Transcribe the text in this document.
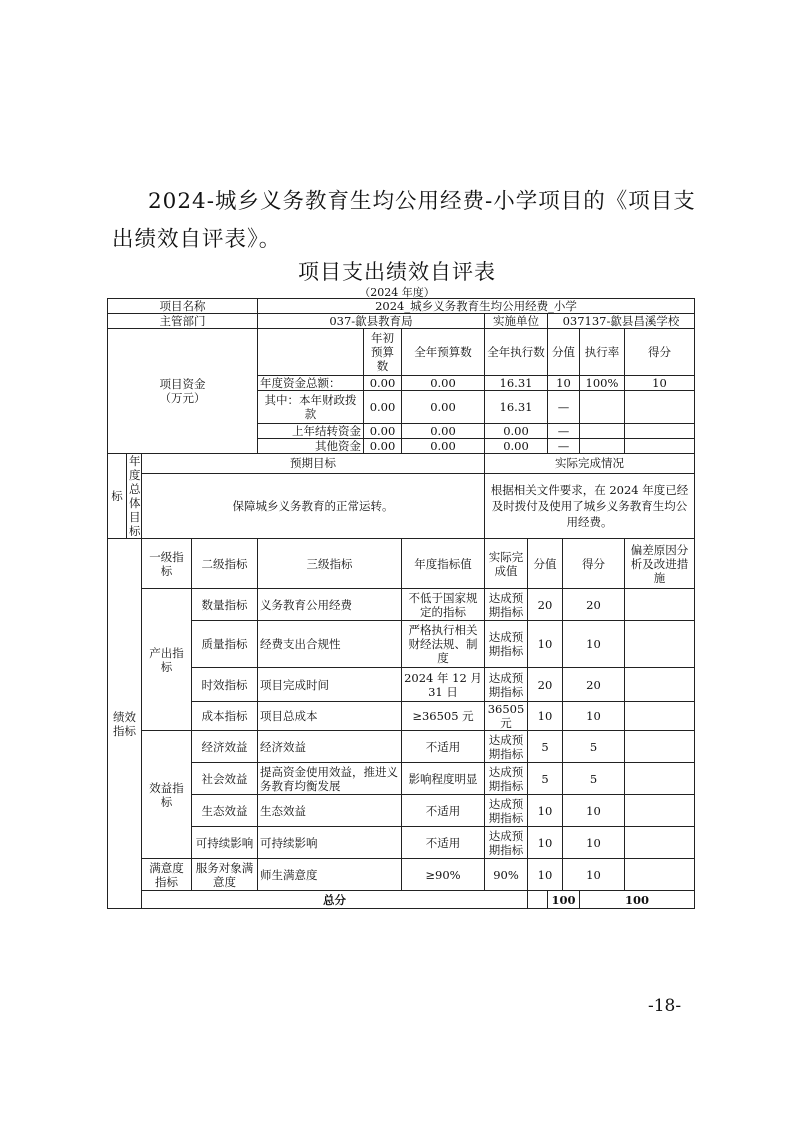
2024-城乡义务教育生均公用经费-小学项目的《项目支出绩效自评表》。
项目支出绩效自评表
（2024 年度）
项目名称				2024_城乡义务教育生均公用经费_小学									
主管部门				037-歙县教育局			实施单位		037137-歙县昌溪学校				

项目资金
（万元）					年初预算数	全年预算数	全年执行数		分值		执行率	得分	
				年度资金总额：	0.00	0.00	16.31		10		100%	10	
				其中：本年财政拨款	0.00	0.00	16.31		—				
				上年结转资金	0.00	0.00	0.00		—				
				其他资金	0.00	0.00	0.00		—				
标	年度总体目标	预期目标					实际完成情况						
		保障城乡义务教育的正常运转。					根据相关文件要求，在 2024 年度已经及时拨付及使用了城乡义务教育生均公用经费。						
绩效指标		一级指标	二级指标	三级指标		年度指标值	实际完成值	分值		得分		偏差原因分析及改进措施	
		产出指标	数量指标	义务教育公用经费		不低于国家规定的指标	达成预期指标	20		20			
			质量指标	经费支出合规性		严格执行相关财经法规、制度	达成预期指标	10		10			
			时效指标	项目完成时间		2024 年 12 月 31 日	达成预期指标	20		20			
			成本指标	项目总成本		≥36505 元	36505 元	10		10			
		效益指标	经济效益	经济效益		不适用	达成预期指标	5		5			
			社会效益	提高资金使用效益，推进义务教育均衡发展		影响程度明显	达成预期指标	5		5			
			生态效益	生态效益		不适用	达成预期指标	10		10			
			可持续影响	可持续影响		不适用	达成预期指标	10		10			
		满意度指标	服务对象满意度	师生满意度		≥90%	90%	10		10			
		总分							100		100		
-18-
